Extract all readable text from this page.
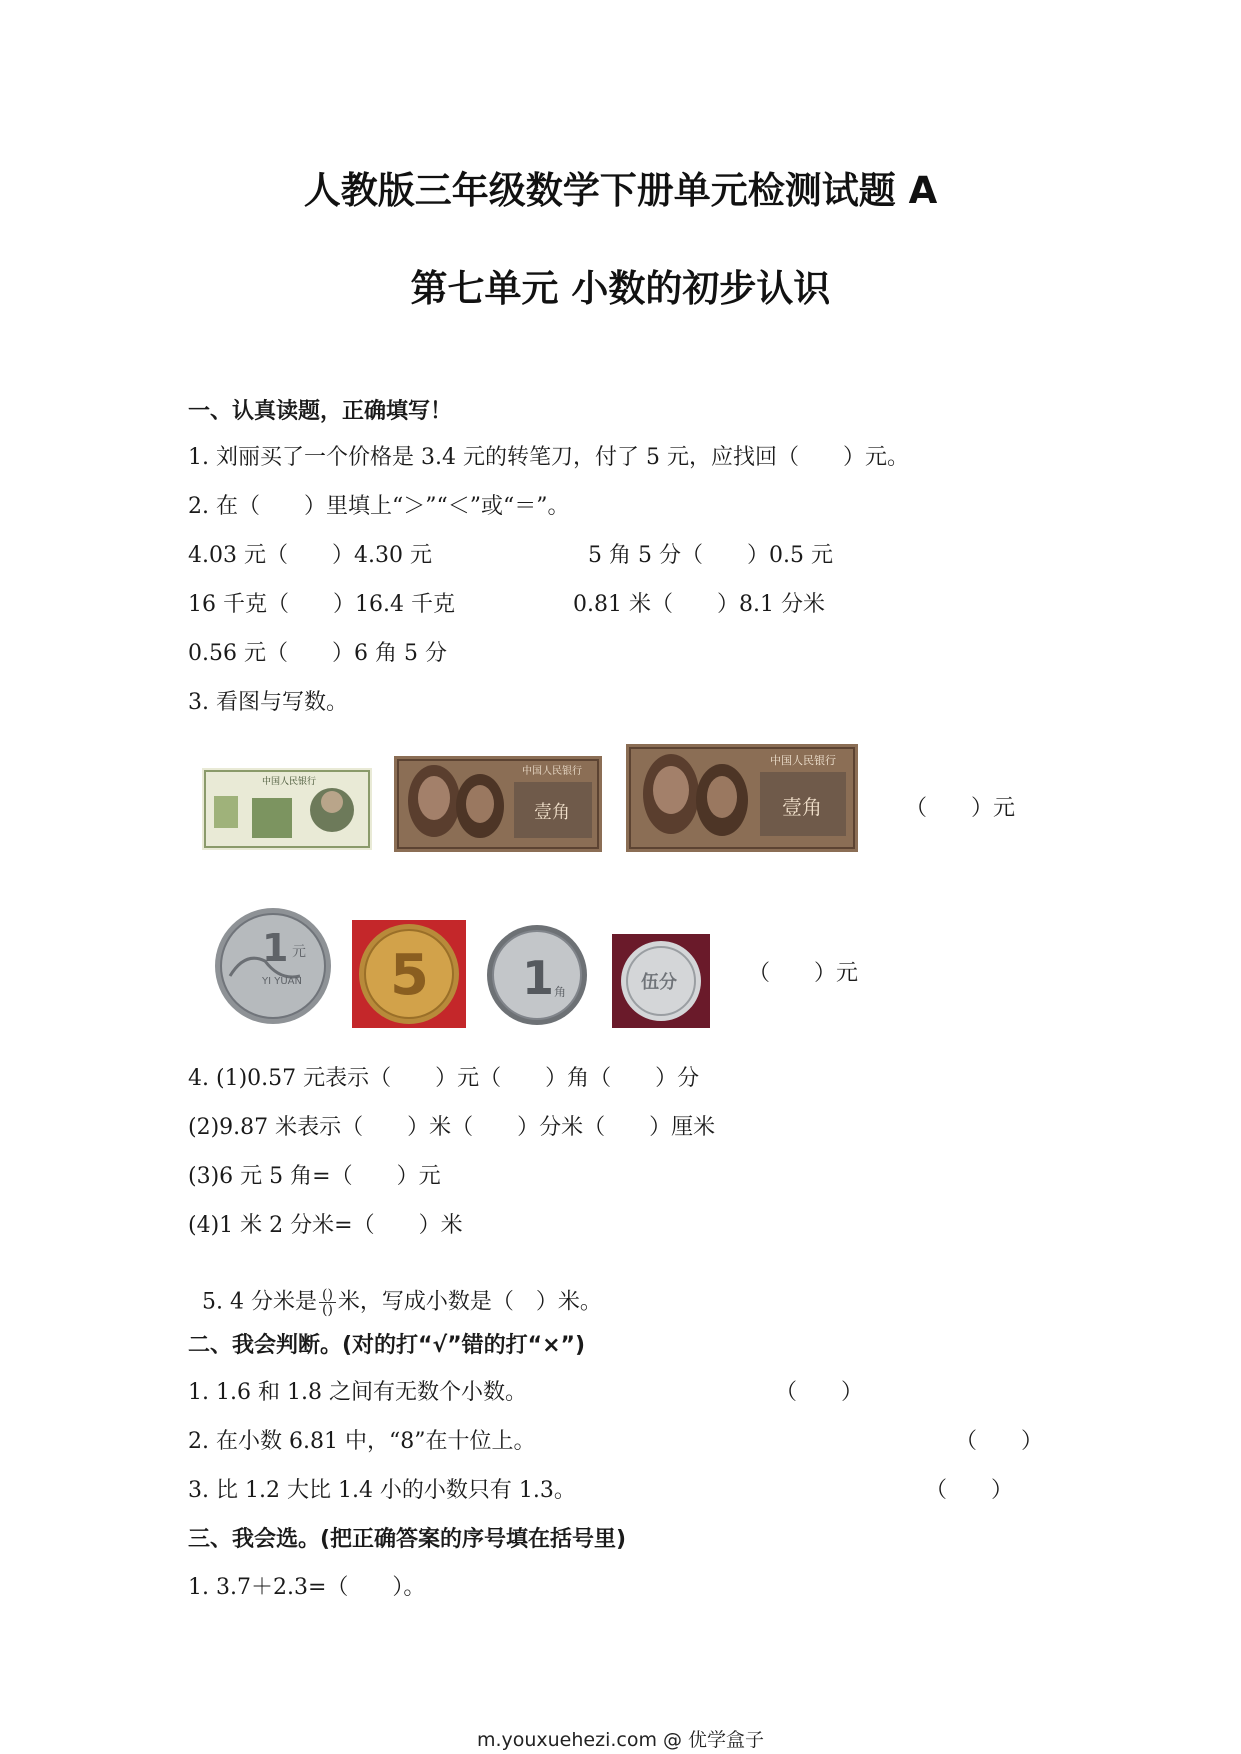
人教版三年级数学下册单元检测试题 A
第七单元 小数的初步认识
一、认真读题，正确填写！
1. 刘丽买了一个价格是 3.4 元的转笔刀，付了 5 元，应找回（　　）元。
2. 在（　　）里填上“＞”“＜”或“＝”。
4.03 元（　　）4.30 元	5 角 5 分（　　）0.5 元
16 千克（　　）16.4 千克	0.81 米（　　）8.1 分米
0.56 元（　　）6 角 5 分
3. 看图与写数。
中国人民银行
中国人民银行
壹角
中国人民银行
壹角	（　　）元
1 元
YI YUAN 5 1 角	伍分	（　　）元
4. (1)0.57 元表示（　　）元（　　）角（　　）分
(2)9.87 米表示（　　）米（　　）分米（　　）厘米
(3)6 元 5 角=（　　）元
(4)1 米 2 分米=（　　）米

5. 4 分米是 $\frac{()}{()}$ 米，写成小数是（　）米。

二、我会判断。(对的打“√”错的打“×”)
1. 1.6 和 1.8 之间有无数个小数。	（　　）
2. 在小数 6.81 中，“8”在十位上。	（　　）
3. 比 1.2 大比 1.4 小的小数只有 1.3。	（　　）
三、我会选。(把正确答案的序号填在括号里)
1. 3.7＋2.3=（　　）。
m.youxuehezi.com @ 优学盒子
